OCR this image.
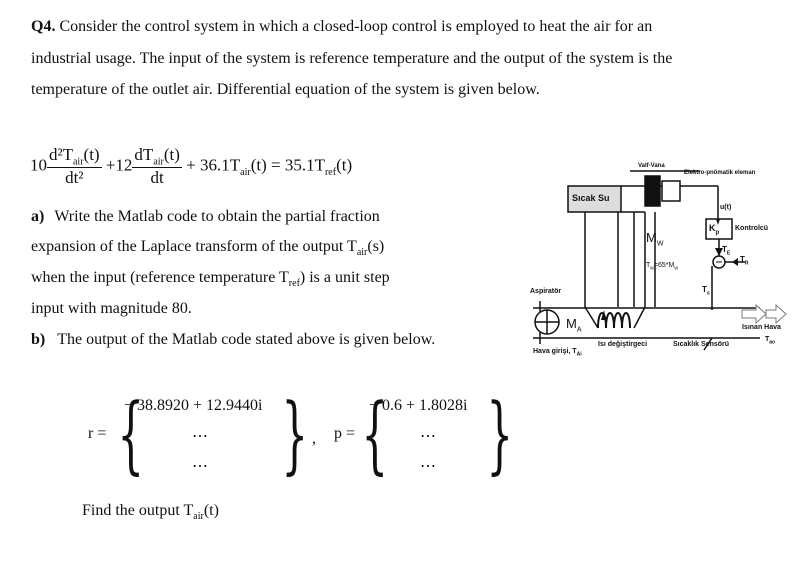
Q4. Consider the control system in which a closed-loop control is employed to heat the air for an
industrial usage. The input of the system is reference temperature and the output of the system is the
temperature of the outlet air. Differential equation of the system is given below.
$10 \frac{d^2T_{air}(t)}{\text{dt²}} +12 \frac{dT_{air}(t)}{dt} + 36.1T_{air}(t) = 35.1T_{ref}(t)$
a) Write the Matlab code to obtain the partial fraction
expansion of the Laplace transform of the output $T_{air}(s)$
when the input (reference temperature $T_{ref}$) is a unit step
input with magnitude 80.
b) The output of the Matlab code stated above is given below.
r = { }
− 38.8920 + 12.9440i
⋯
⋯
, p = { }
− 0.6 + 1.8028i
⋯
⋯
Find the output $T_{air}(t)$
Valf-Vana
Elektro-pnömatik eleman
Sıcak Su
u(t)
$K_p$
Kontrolcü
$M_W$
$T_E$
$T_R$
$T_w=65*M_w$
Aspiratör	$T_s$
$M_A$	Isınan Hava
$T_{ao}$
Isı değiştirgeci	Sıcaklık Sensörü
Hava girişi, $T_{Ai}$
